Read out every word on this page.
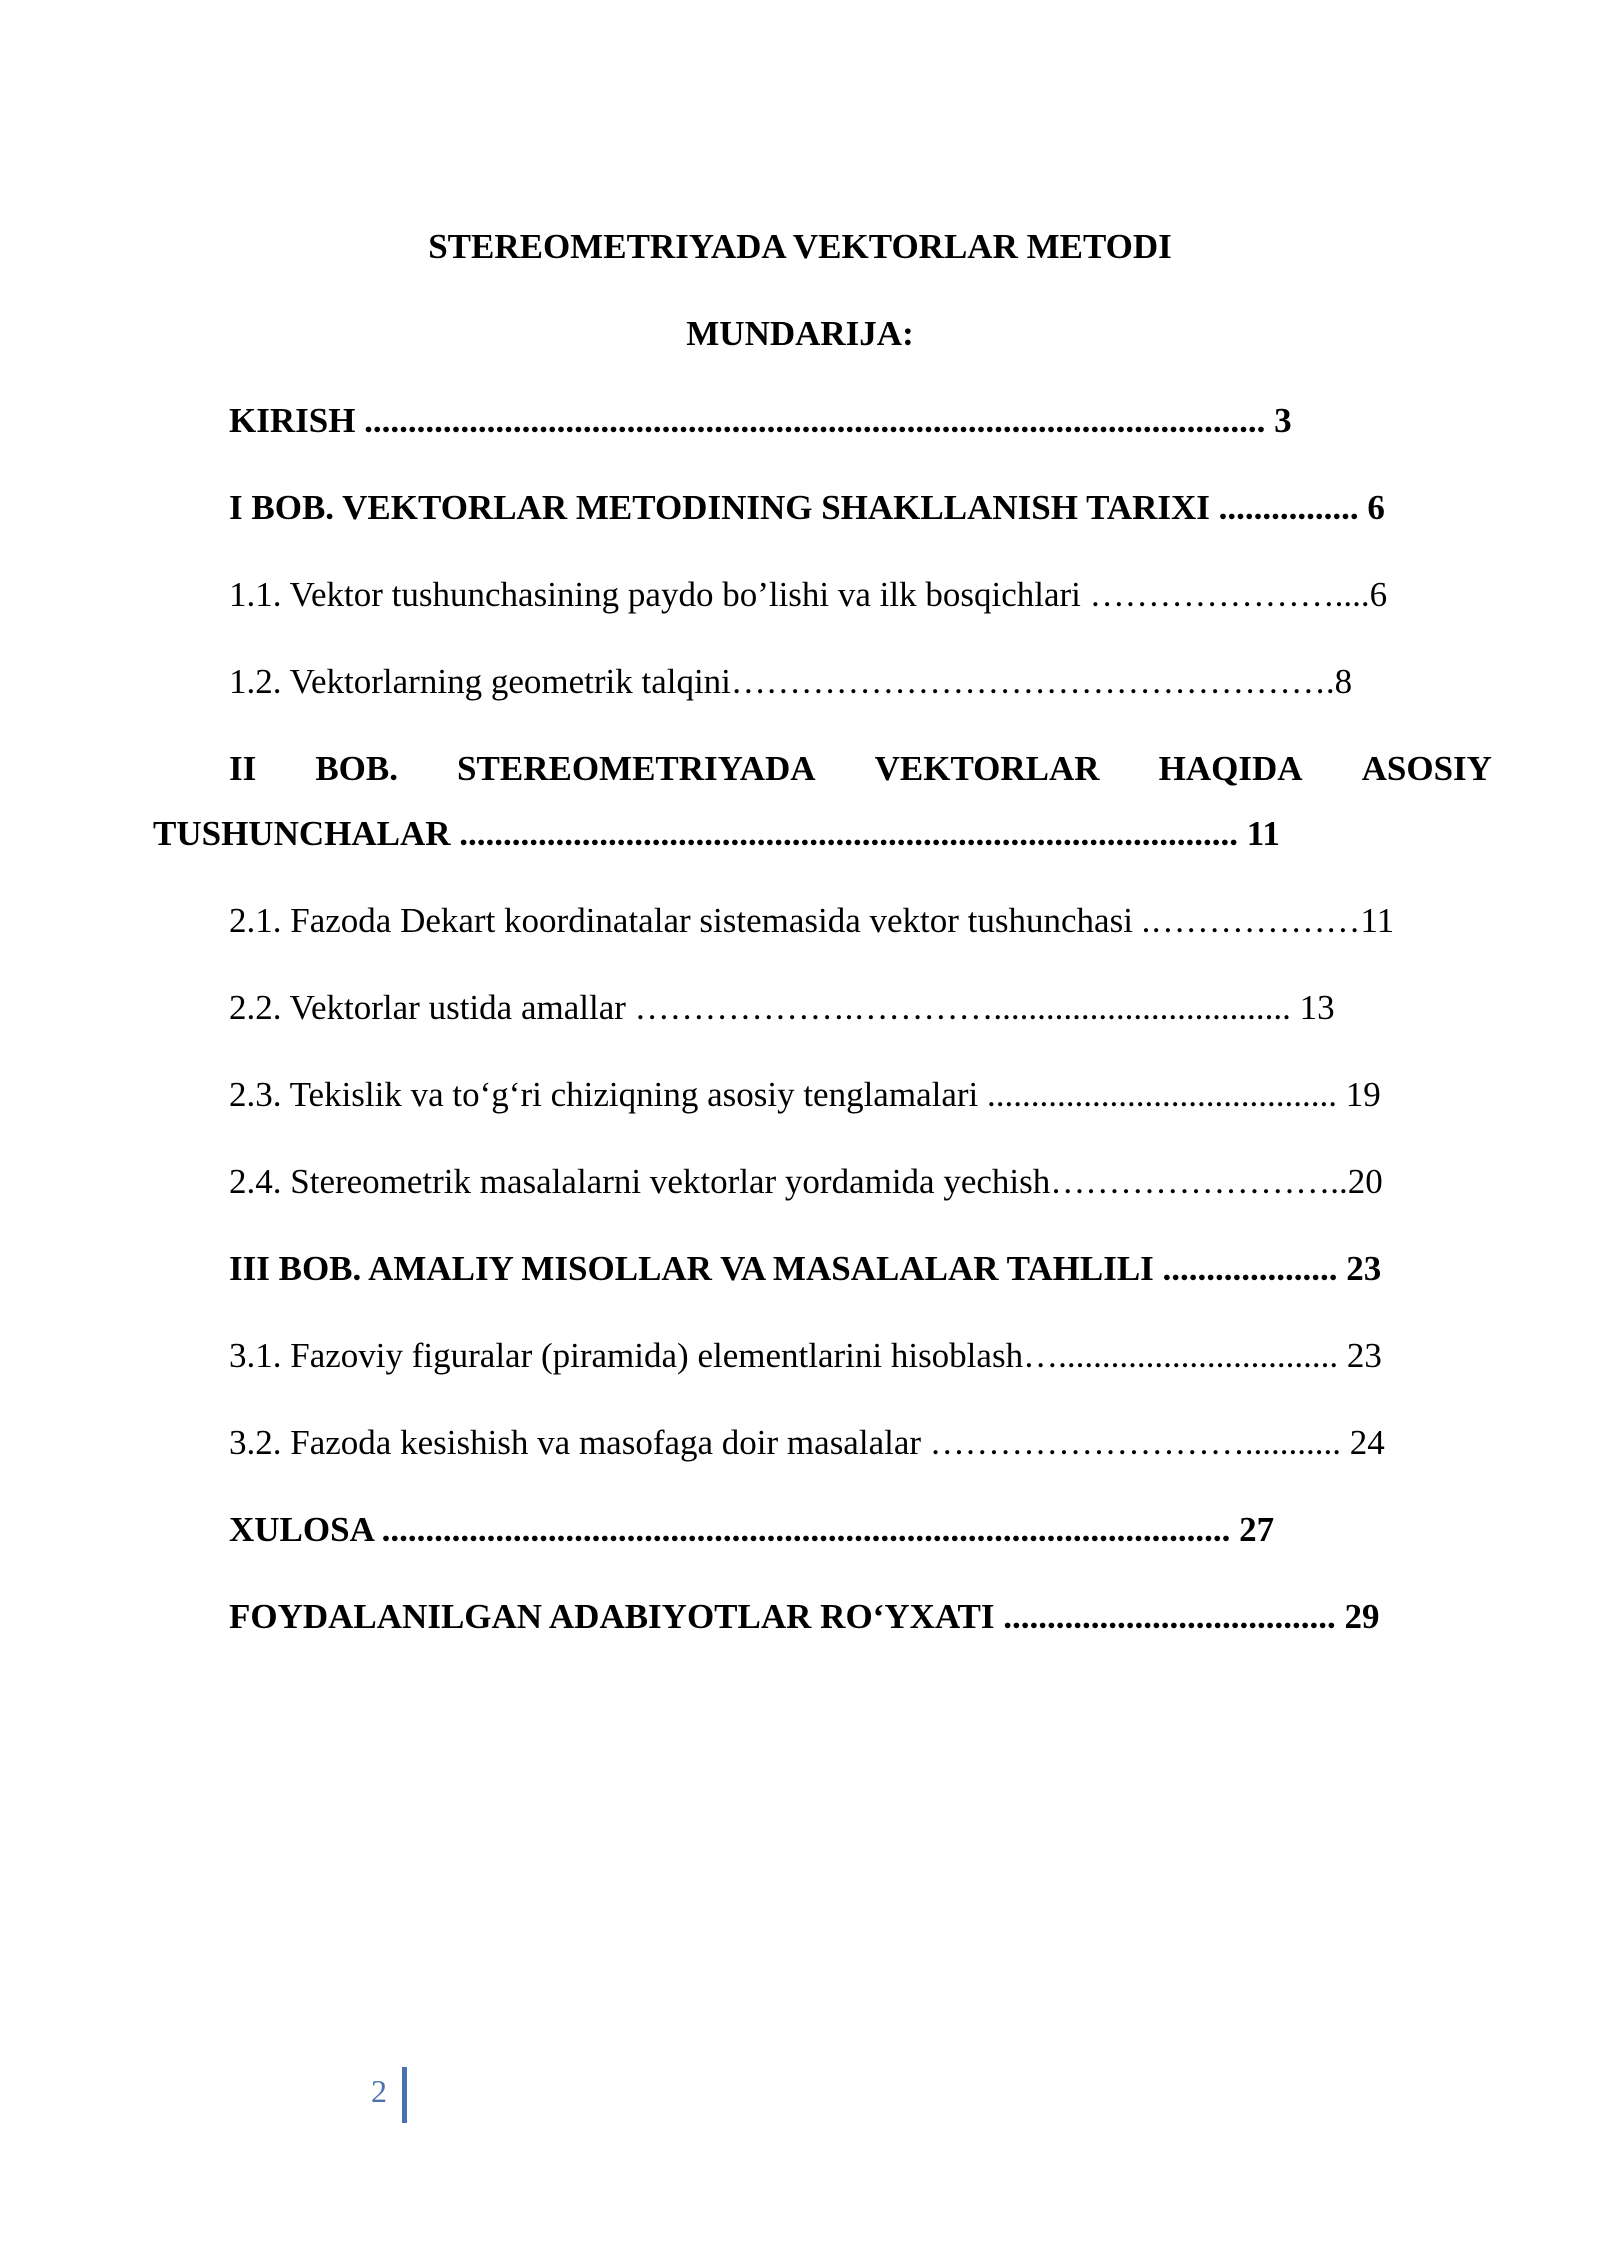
STEREOMETRIYADA VEKTORLAR METODI
MUNDARIJA:
KIRISH ....................................................................................................... 3
I BOB. VEKTORLAR METODINING SHAKLLANISH TARIXI ................ 6
1.1. Vektor tushunchasining paydo bo’lishi va ilk bosqichlari …………………....6
1.2. Vektorlarning geometrik talqini…………………………………………….8
II BOB. STEREOMETRIYADA VEKTORLAR HAQIDA ASOSIY
TUSHUNCHALAR ......................................................................................... 11
2.1. Fazoda Dekart koordinatalar sistemasida vektor tushunchasi .………………11
2.2. Vektorlar ustida amallar ……………….………….................................. 13
2.3. Tekislik va to‘g‘ri chiziqning asosiy tenglamalari ........................................ 19
2.4. Stereometrik masalalarni vektorlar yordamida yechish……………………..20
III BOB. AMALIY MISOLLAR VA MASALALAR TAHLILI .................... 23
3.1. Fazoviy figuralar (piramida) elementlarini hisoblash…................................ 23
3.2. Fazoda kesishish va masofaga doir masalalar ………………………........... 24
XULOSA ................................................................................................. 27
FOYDALANILGAN ADABIYOTLAR RO‘YXATI ...................................... 29
2
